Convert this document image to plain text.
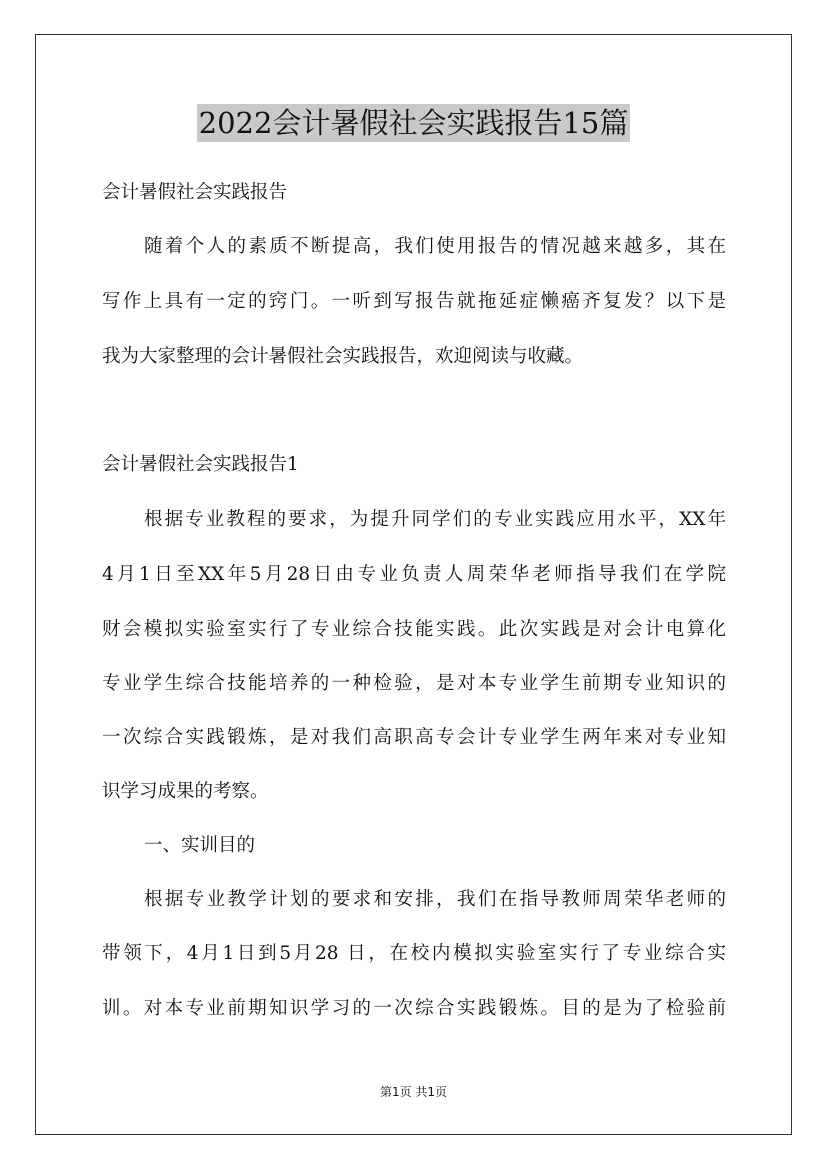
2022会计暑假社会实践报告15篇
会计暑假社会实践报告
随着个人的素质不断提高，我们使用报告的情况越来越多，其在
写作上具有一定的窍门。一听到写报告就拖延症懒癌齐复发？以下是
我为大家整理的会计暑假社会实践报告，欢迎阅读与收藏。
会计暑假社会实践报告1
根据专业教程的要求，为提升同学们的专业实践应用水平，XX年
4月1日至XX年5月28日由专业负责人周荣华老师指导我们在学院
财会模拟实验室实行了专业综合技能实践。此次实践是对会计电算化
专业学生综合技能培养的一种检验，是对本专业学生前期专业知识的
一次综合实践锻炼，是对我们高职高专会计专业学生两年来对专业知
识学习成果的考察。
一、实训目的
根据专业教学计划的要求和安排，我们在指导教师周荣华老师的
带领下，4月1日到5月28 日，在校内模拟实验室实行了专业综合实
训。对本专业前期知识学习的一次综合实践锻炼。目的是为了检验前
第1页 共1页
